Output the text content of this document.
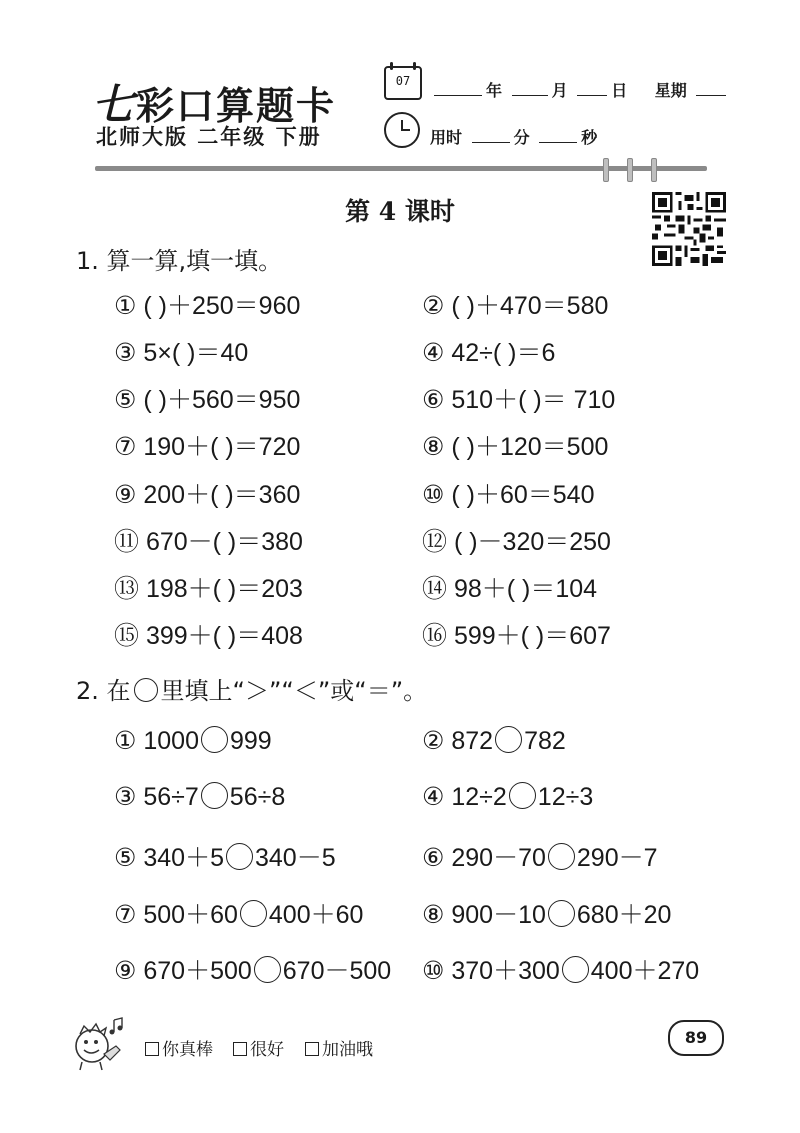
七 彩口算题卡
北师大版 二年级 下册
07	年	月	日 星期
用时	分	秒
第 4 课时
1. 算一算,填一填。
① ( )＋250＝960	② ( )＋470＝580
③ 5×( )＝40	④ 42÷( )＝6
⑤ ( )＋560＝950	⑥ 510＋( )＝ 710
⑦ 190＋( )＝720	⑧ ( )＋120＝500
⑨ 200＋( )＝360	⑩ ( )＋60＝540
⑪ 670－( )＝380	⑫ ( )－320＝250
⑬ 198＋( )＝203	⑭ 98＋( )＝104
⑮ 399＋( )＝408	⑯ 599＋( )＝607
2. 在 里填上“＞”“＜”或“＝”。
① 1000 999	② 872 782
③ 56÷7 56÷8	④ 12÷2 12÷3
⑤ 340＋5 340－5	⑥ 290－70 290－7
⑦ 500＋60 400＋60 ⑧ 900－10 680＋20
⑨ 670＋500 670－500 ⑩ 370＋300 400＋270
你真棒	很好	加油哦
89
